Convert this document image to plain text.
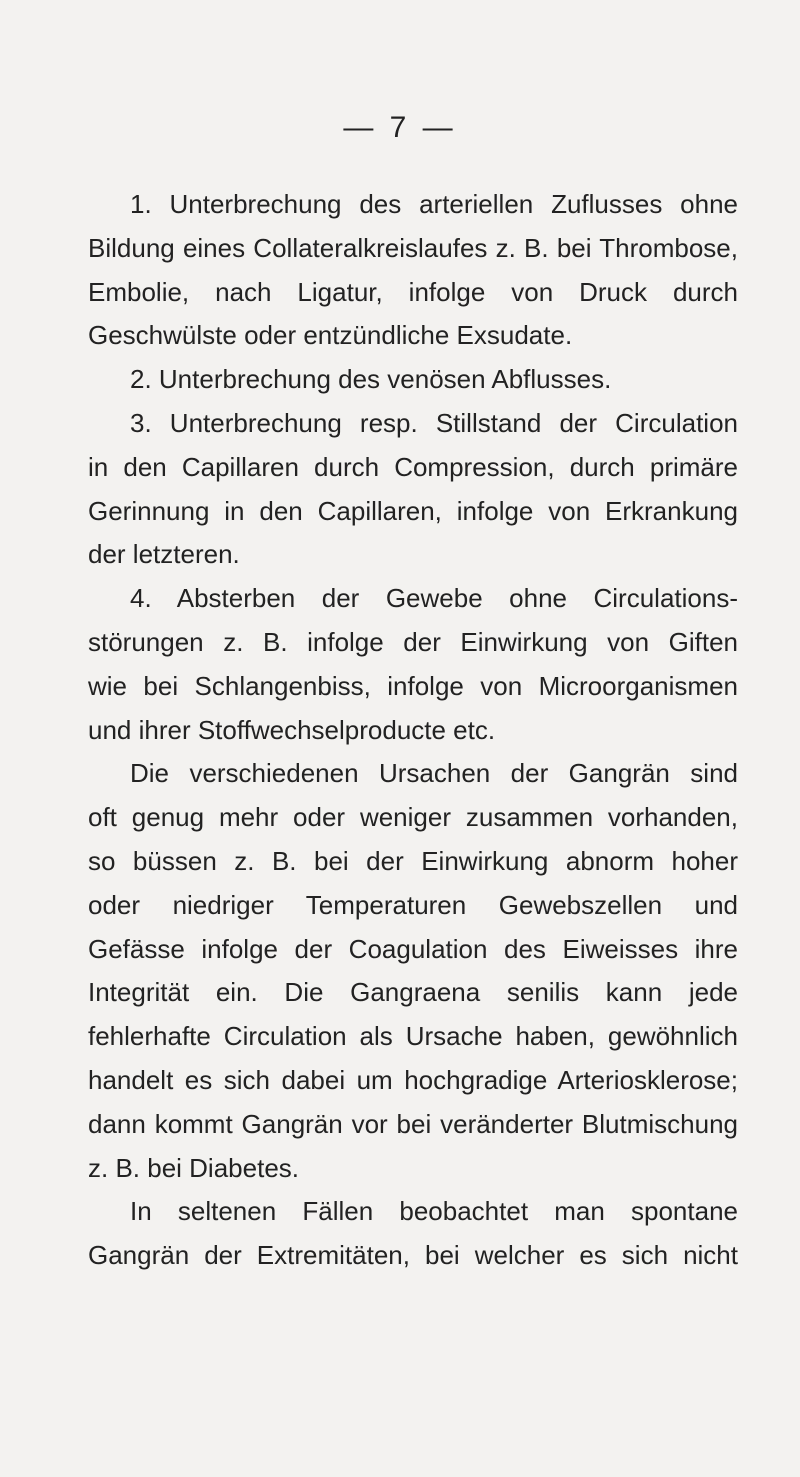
— 7 —

1. Unterbrechung des arteriellen Zuflusses ohne
Bildung eines Collateralkreislaufes z. B. bei Thrombose,
Embolie, nach Ligatur, infolge von Druck durch
Geschwülste oder entzündliche Exsudate.

2. Unterbrechung des venösen Abflusses.

3. Unterbrechung resp. Stillstand der Circulation
in den Capillaren durch Compression, durch primäre
Gerinnung in den Capillaren, infolge von Erkrankung
der letzteren.

4. Absterben der Gewebe ohne Circulations-
störungen z. B. infolge der Einwirkung von Giften
wie bei Schlangenbiss, infolge von Microorganismen
und ihrer Stoffwechselproducte etc.

Die verschiedenen Ursachen der Gangrän sind
oft genug mehr oder weniger zusammen vorhanden,
so büssen z. B. bei der Einwirkung abnorm hoher
oder niedriger Temperaturen Gewebszellen und
Gefässe infolge der Coagulation des Eiweisses ihre
Integrität ein. Die Gangraena senilis kann jede
fehlerhafte Circulation als Ursache haben, gewöhnlich
handelt es sich dabei um hochgradige Arteriosklerose;
dann kommt Gangrän vor bei veränderter Blutmischung
z. B. bei Diabetes.

In seltenen Fällen beobachtet man spontane
Gangrän der Extremitäten, bei welcher es sich nicht
